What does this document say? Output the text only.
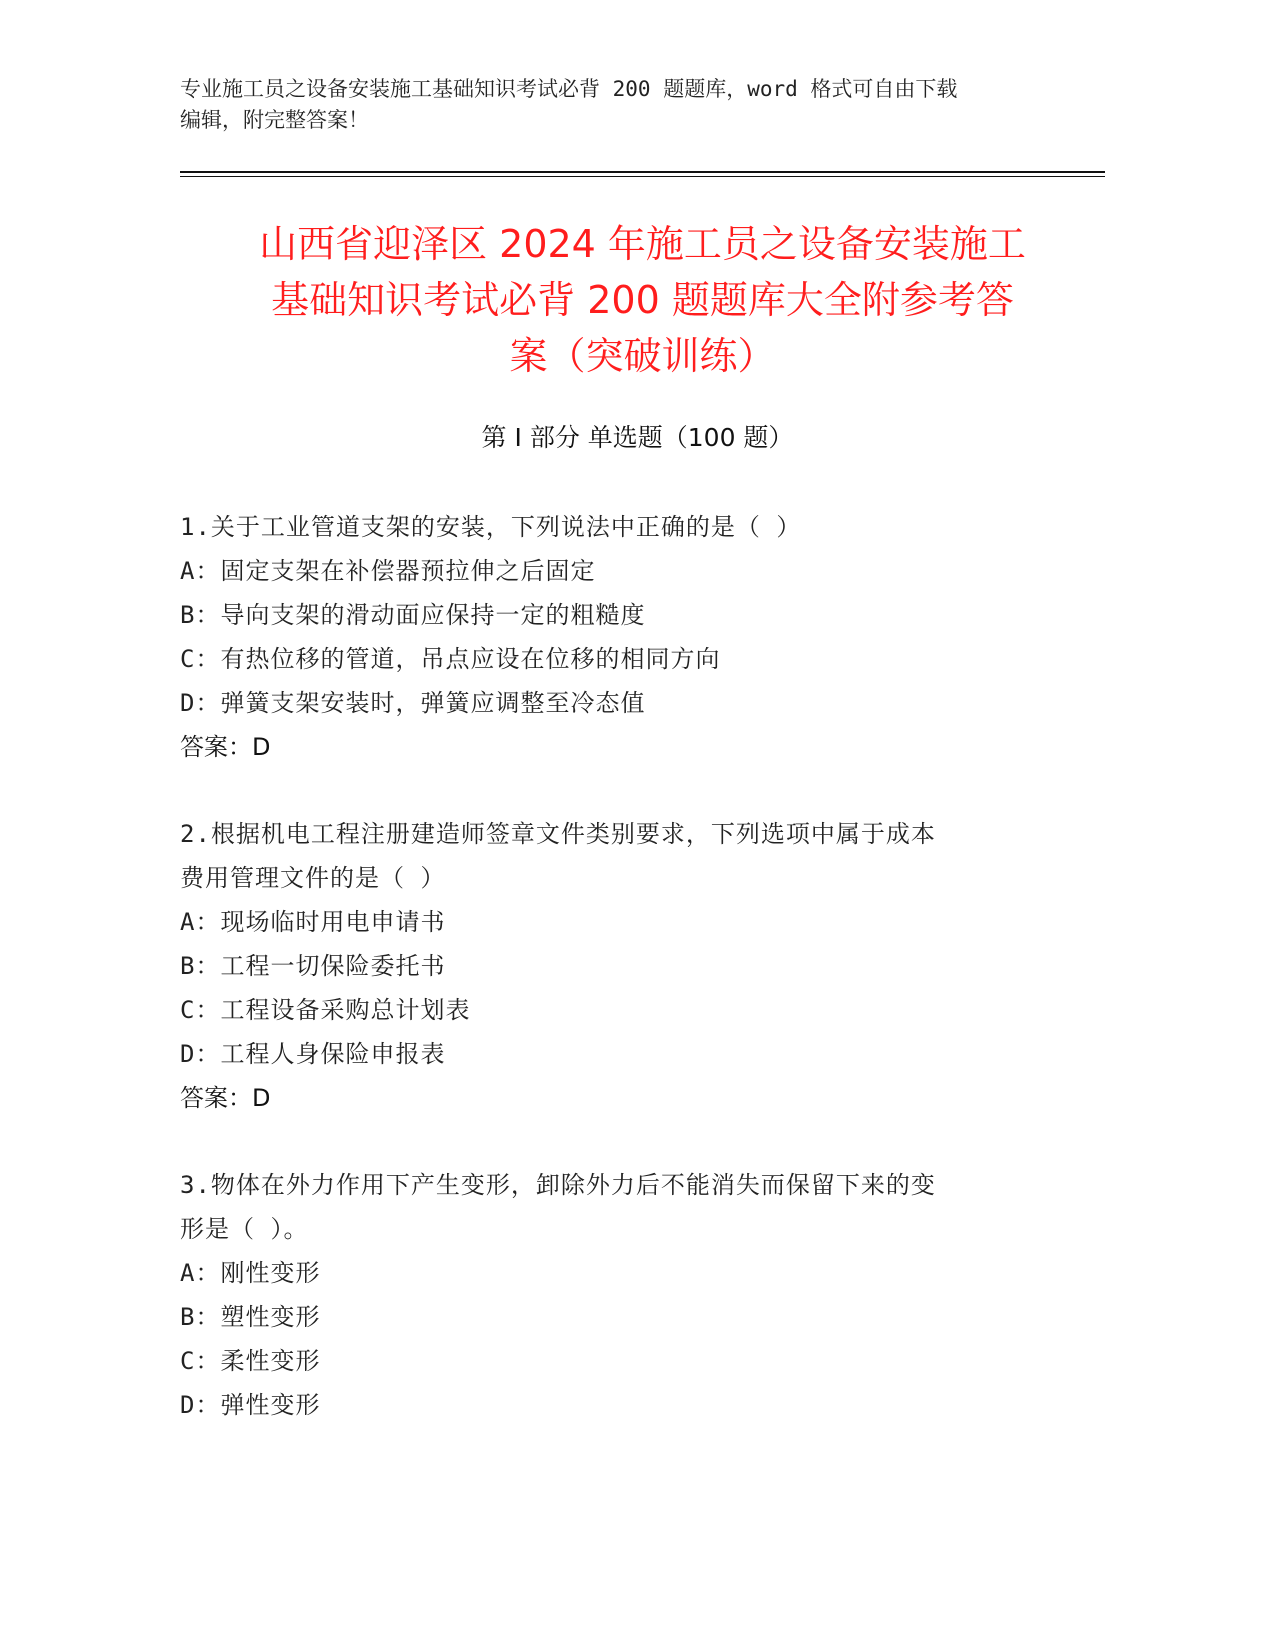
专业施工员之设备安装施工基础知识考试必背 200 题题库，word 格式可自由下载
编辑，附完整答案！
山西省迎泽区 2024 年施工员之设备安装施工
基础知识考试必背 200 题题库大全附参考答
案（突破训练）
第 I 部分 单选题（100 题）
1.关于工业管道支架的安装，下列说法中正确的是（ ）
A：固定支架在补偿器预拉伸之后固定
B：导向支架的滑动面应保持一定的粗糙度
C：有热位移的管道，吊点应设在位移的相同方向
D：弹簧支架安装时，弹簧应调整至冷态值
答案：D
2.根据机电工程注册建造师签章文件类别要求，下列选项中属于成本
费用管理文件的是（ ）
A：现场临时用电申请书
B：工程一切保险委托书
C：工程设备采购总计划表
D：工程人身保险申报表
答案：D
3.物体在外力作用下产生变形，卸除外力后不能消失而保留下来的变
形是（ ）。
A：刚性变形
B：塑性变形
C：柔性变形
D：弹性变形
